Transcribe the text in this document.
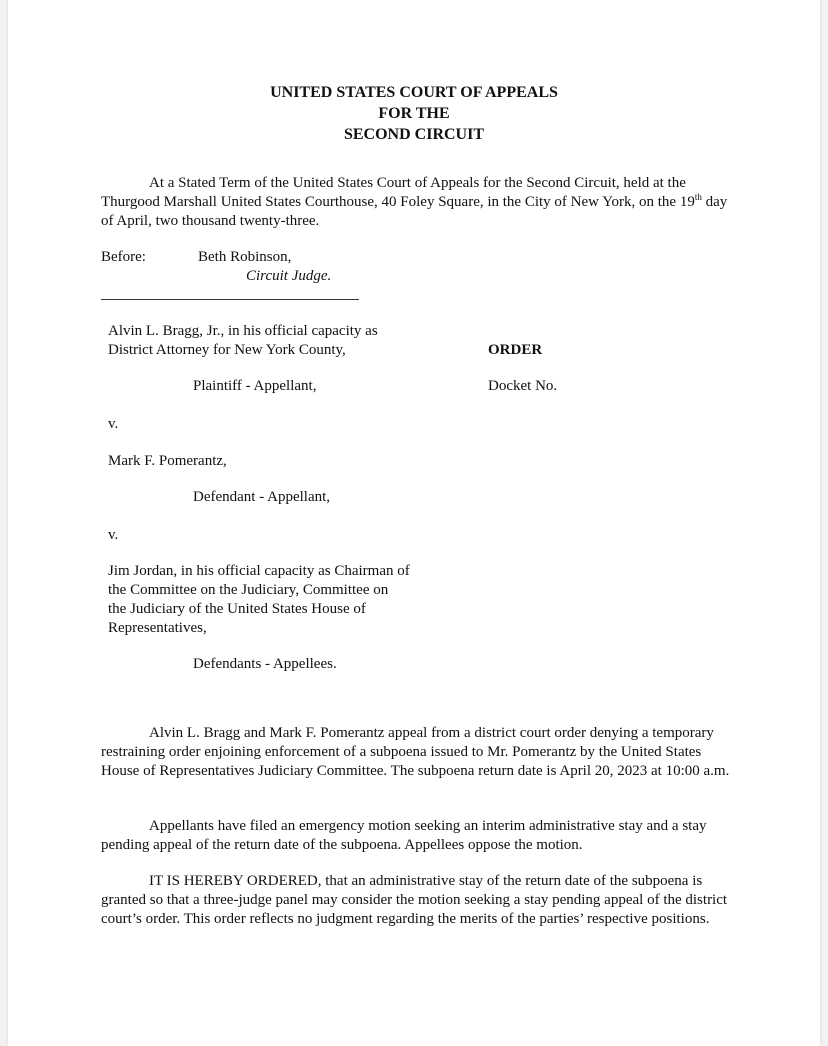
UNITED STATES COURT OF APPEALS
FOR THE
SECOND CIRCUIT
At a Stated Term of the United States Court of Appeals for the Second Circuit, held at the Thurgood Marshall United States Courthouse, 40 Foley Square, in the City of New York, on the 19th day of April, two thousand twenty-three.
Before:	Beth Robinson,
Circuit Judge.
Alvin L. Bragg, Jr., in his official capacity as
District Attorney for New York County,	ORDER
Plaintiff - Appellant,	Docket No.
v.
Mark F. Pomerantz,
Defendant - Appellant,
v.
Jim Jordan, in his official capacity as Chairman of
the Committee on the Judiciary, Committee on
the Judiciary of the United States House of
Representatives,
Defendants - Appellees.
Alvin L. Bragg and Mark F. Pomerantz appeal from a district court order denying a temporary restraining order enjoining enforcement of a subpoena issued to Mr. Pomerantz by the United States House of Representatives Judiciary Committee. The subpoena return date is April 20, 2023 at 10:00 a.m.
Appellants have filed an emergency motion seeking an interim administrative stay and a stay pending appeal of the return date of the subpoena. Appellees oppose the motion.
IT IS HEREBY ORDERED, that an administrative stay of the return date of the subpoena is granted so that a three-judge panel may consider the motion seeking a stay pending appeal of the district court’s order. This order reflects no judgment regarding the merits of the parties’ respective positions.
